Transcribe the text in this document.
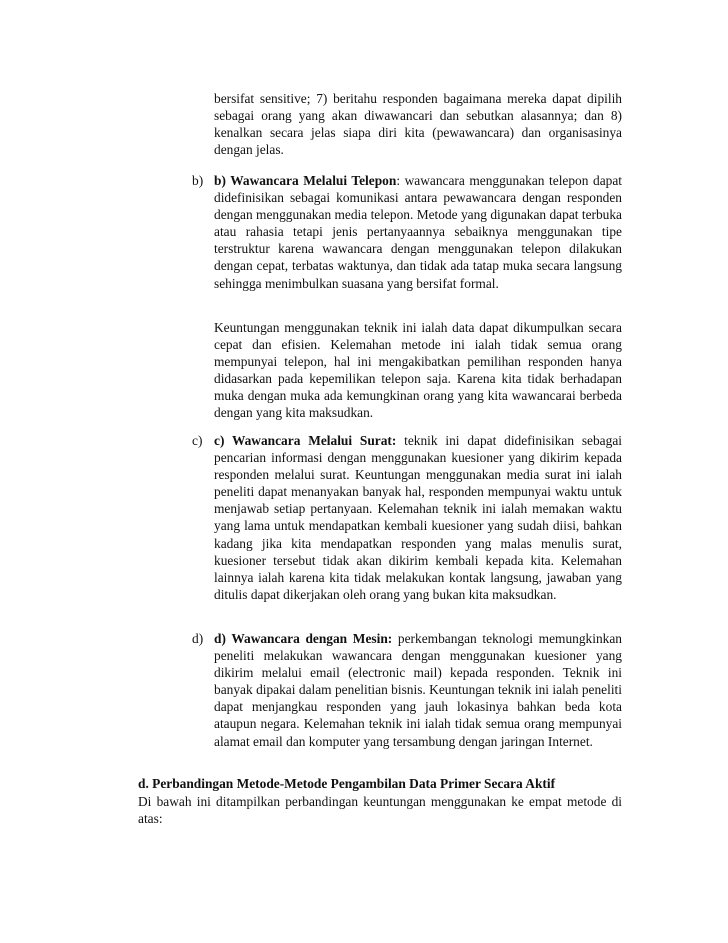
bersifat sensitive; 7) beritahu responden bagaimana mereka dapat dipilih sebagai orang yang akan diwawancari dan sebutkan alasannya; dan 8) kenalkan secara jelas siapa diri kita (pewawancara) dan organisasinya dengan jelas.

b) b) Wawancara Melalui Telepon: wawancara menggunakan telepon dapat didefinisikan sebagai komunikasi antara pewawancara dengan responden dengan menggunakan media telepon. Metode yang digunakan dapat terbuka atau rahasia tetapi jenis pertanyaannya sebaiknya menggunakan tipe terstruktur karena wawancara dengan menggunakan telepon dilakukan dengan cepat, terbatas waktunya, dan tidak ada tatap muka secara langsung sehingga menimbulkan suasana yang bersifat formal.

Keuntungan menggunakan teknik ini ialah data dapat dikumpulkan secara cepat dan efisien. Kelemahan metode ini ialah tidak semua orang mempunyai telepon, hal ini mengakibatkan pemilihan responden hanya didasarkan pada kepemilikan telepon saja. Karena kita tidak berhadapan muka dengan muka ada kemungkinan orang yang kita wawancarai berbeda dengan yang kita maksudkan.

c) c) Wawancara Melalui Surat: teknik ini dapat didefinisikan sebagai pencarian informasi dengan menggunakan kuesioner yang dikirim kepada responden melalui surat. Keuntungan menggunakan media surat ini ialah peneliti dapat menanyakan banyak hal, responden mempunyai waktu untuk menjawab setiap pertanyaan. Kelemahan teknik ini ialah memakan waktu yang lama untuk mendapatkan kembali kuesioner yang sudah diisi, bahkan kadang jika kita mendapatkan responden yang malas menulis surat, kuesioner tersebut tidak akan dikirim kembali kepada kita. Kelemahan lainnya ialah karena kita tidak melakukan kontak langsung, jawaban yang ditulis dapat dikerjakan oleh orang yang bukan kita maksudkan.

d) d) Wawancara dengan Mesin: perkembangan teknologi memungkinkan peneliti melakukan wawancara dengan menggunakan kuesioner yang dikirim melalui email (electronic mail) kepada responden. Teknik ini banyak dipakai dalam penelitian bisnis. Keuntungan teknik ini ialah peneliti dapat menjangkau responden yang jauh lokasinya bahkan beda kota ataupun negara. Kelemahan teknik ini ialah tidak semua orang mempunyai alamat email dan komputer yang tersambung dengan jaringan Internet.

d. Perbandingan Metode-Metode Pengambilan Data Primer Secara Aktif

Di bawah ini ditampilkan perbandingan keuntungan menggunakan ke empat metode di atas:
